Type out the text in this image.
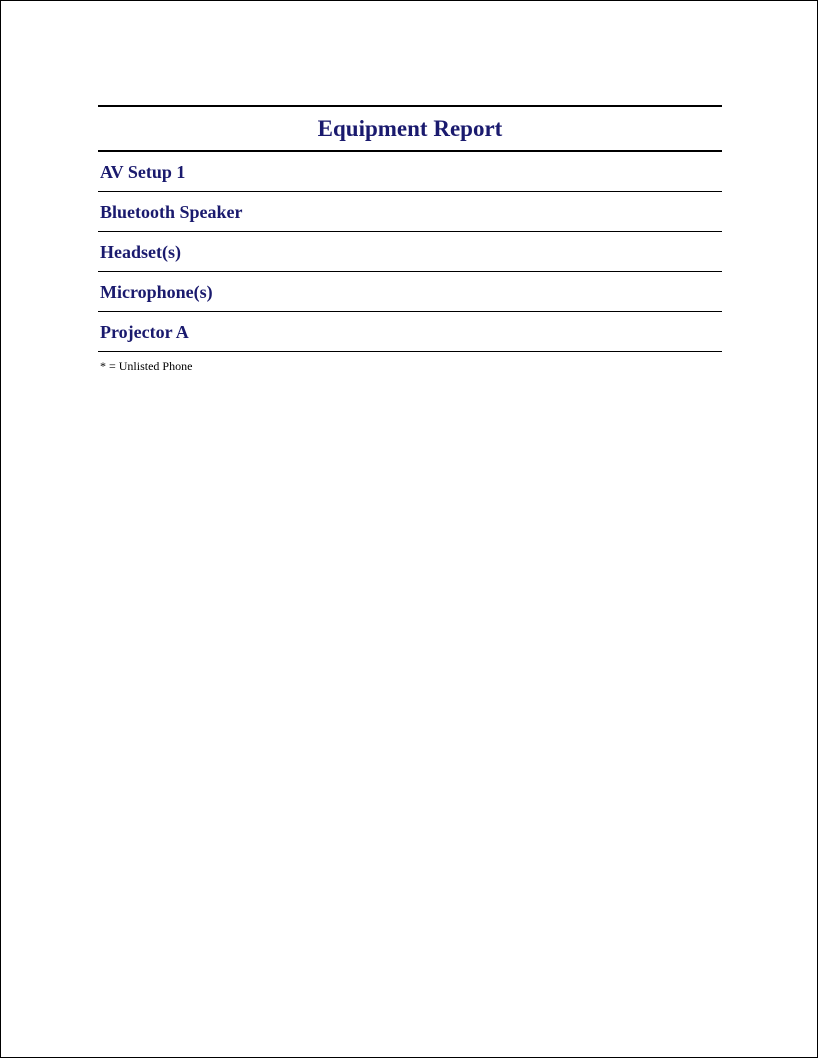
Equipment Report
AV Setup 1
Bluetooth Speaker
Headset(s)
Microphone(s)
Projector A
* = Unlisted Phone
